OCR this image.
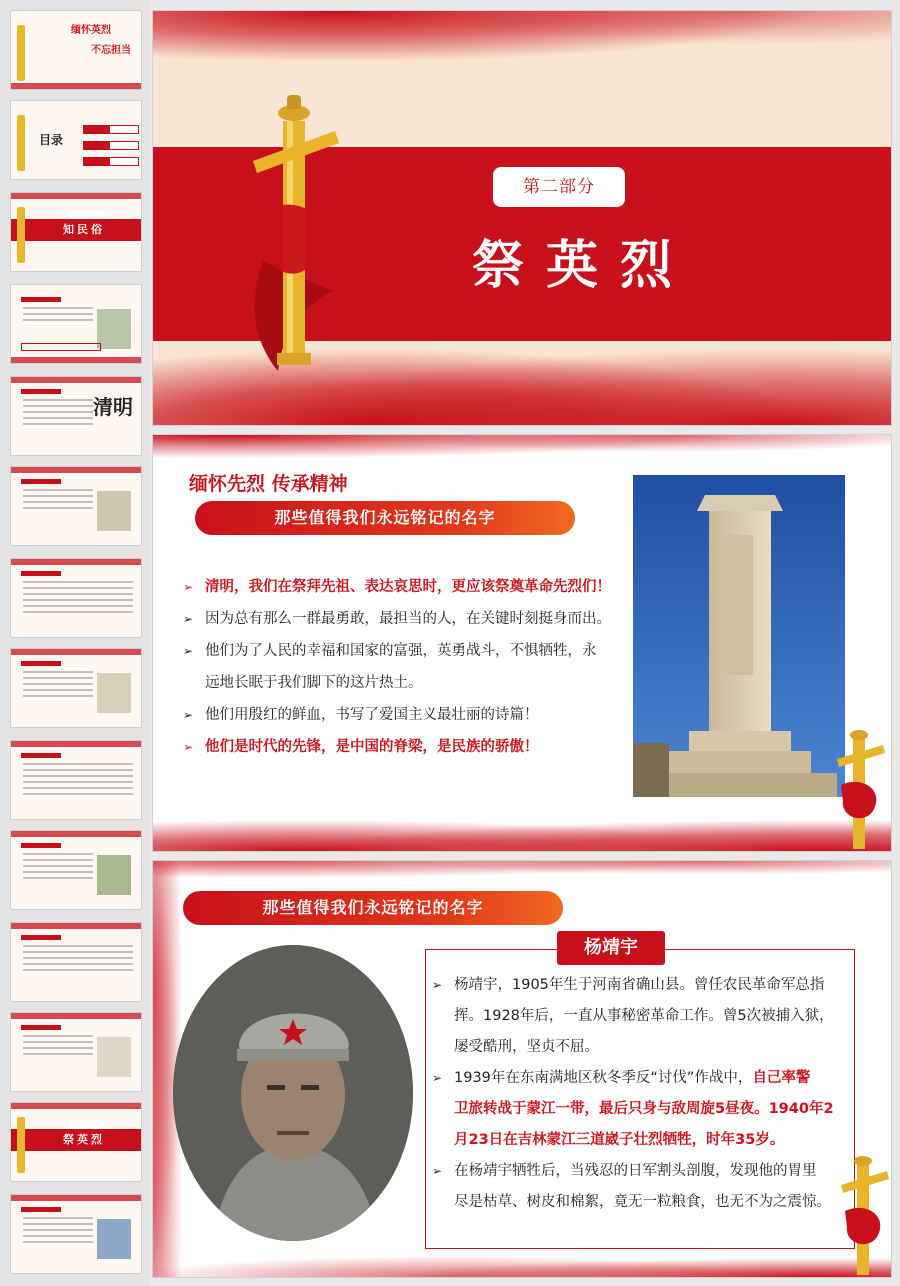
缅怀英烈
不忘担当
目录
知民俗
清明
祭英烈
第二部分
祭英烈
缅怀先烈 传承精神
那些值得我们永远铭记的名字
➢ 清明，我们在祭拜先祖、表达哀思时，更应该祭奠革命先烈们！
➢ 因为总有那么一群最勇敢，最担当的人，在关键时刻挺身而出。
➢ 他们为了人民的幸福和国家的富强，英勇战斗，不惧牺牲，永
远地长眠于我们脚下的这片热土。
➢ 他们用殷红的鲜血，书写了爱国主义最壮丽的诗篇！
➢ 他们是时代的先锋，是中国的脊梁，是民族的骄傲！
那些值得我们永远铭记的名字
➢ 杨靖宇，1905年生于河南省确山县。曾任农民革命军总指
挥。1928年后，一直从事秘密革命工作。曾5次被捕入狱，
屡受酷刑，坚贞不屈。
➢ 1939年在东南满地区秋冬季反“讨伐”作战中，自己率警
卫旅转战于蒙江一带，最后只身与敌周旋5昼夜。1940年2
月23日在吉林蒙江三道崴子壮烈牺牲，时年35岁。
➢ 在杨靖宇牺牲后，当残忍的日军割头剖腹，发现他的胃里
尽是枯草、树皮和棉絮，竟无一粒粮食，也无不为之震惊。
杨靖宇
